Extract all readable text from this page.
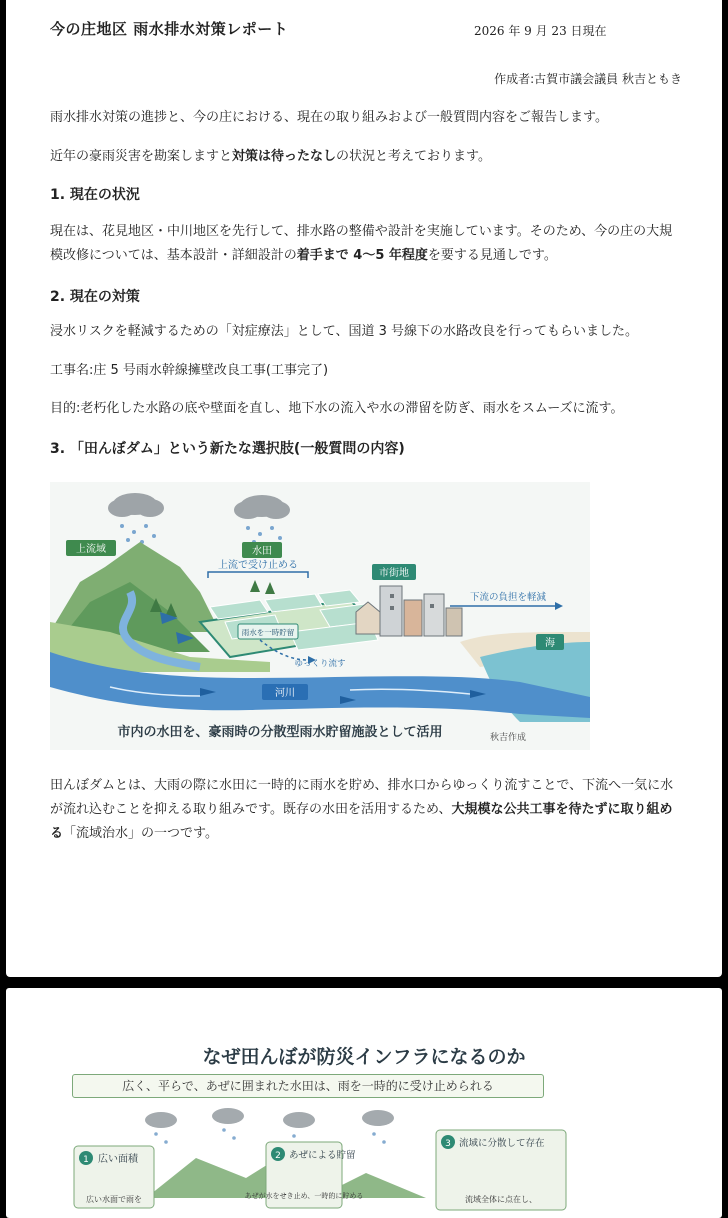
今の庄地区 雨水排水対策レポート	2026 年 9 月 23 日現在
作成者:古賀市議会議員 秋吉ともき
雨水排水対策の進捗と、今の庄における、現在の取り組みおよび一般質問内容をご報告します。
近年の豪雨災害を勘案しますと対策は待ったなしの状況と考えております。
1. 現在の状況
現在は、花見地区・中川地区を先行して、排水路の整備や設計を実施しています。そのため、今の庄の大規模改修については、基本設計・詳細設計の着手まで 4〜5 年程度を要する見通しです。
2. 現在の対策
浸水リスクを軽減するための「対症療法」として、国道 3 号線下の水路改良を行ってもらいました。
工事名:庄 5 号雨水幹線擁壁改良工事(工事完了)
目的:老朽化した水路の底や壁面を直し、地下水の流入や水の滞留を防ぎ、雨水をスムーズに流す。
3. 「田んぼダム」という新たな選択肢(一般質問の内容)
上流域	水田
上流で受け止める
雨水を一時貯留
ゆっくり流す
市街地
下流の負担を軽減
海
河川
市内の水田を、豪雨時の分散型雨水貯留施設として活用	秋吉作成
田んぼダムとは、大雨の際に水田に一時的に雨水を貯め、排水口からゆっくり流すことで、下流へ一気に水が流れ込むことを抑える取り組みです。既存の水田を活用するため、大規模な公共工事を待たずに取り組める「流域治水」の一つです。
なぜ田んぼが防災インフラになるのか
広く、平らで、あぜに囲まれた水田は、雨を一時的に受け止められる
1 広い面積
広い水面で雨を
2 あぜによる貯留
あぜが水をせき止め、一時的に貯める
3 流域に分散して存在
流域全体に点在し、
